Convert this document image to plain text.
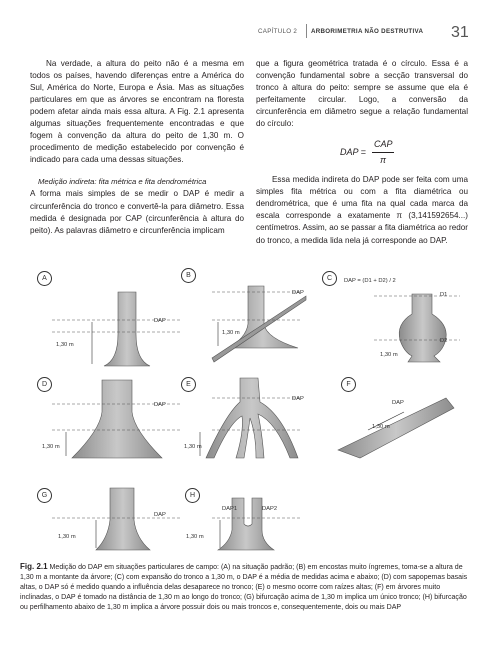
CAPÍTULO 2 ARBORIMETRIA NÃO DESTRUTIVA 31

Na verdade, a altura do peito não é a mesma em todos os países, havendo diferenças entre a América do Sul, América do Norte, Europa e Ásia. Mas as situações particulares em que as árvores se encontram na floresta podem afetar ainda mais essa altura. A Fig. 2.1 apresenta algumas situações frequentemente encontradas e que fogem à convenção da altura do peito de 1,30 m. O procedimento de medição estabelecido por convenção é indicado para cada uma dessas situações.

Medição indireta: fita métrica e fita dendrométrica

A forma mais simples de se medir o DAP é medir a circunferência do tronco e convertê-la para diâmetro. Essa medida é designada por CAP (circunferência à altura do peito). As palavras diâmetro e circunferência implicam

que a figura geométrica tratada é o círculo. Essa é a convenção fundamental sobre a secção transversal do tronco à altura do peito: sempre se assume que ela é perfeitamente circular. Logo, a conversão da circunferência em diâmetro segue a relação fundamental do círculo:

DAP =
CAP
π

Essa medida indireta do DAP pode ser feita com uma simples fita métrica ou com a fita diamétrica ou dendrométrica, que é uma fita na qual cada marca da escala corresponde a exatamente π (3,141592654...) centímetros. Assim, ao se passar a fita diamétrica ao redor do tronco, a medida lida nela já corresponde ao DAP.

DAP
1,30 m
DAP
1,30 m
DAP = (D1 + D2) / 2
D1
D2
1,30 m
DAP
1,30 m
DAP
1,30 m
DAP
1,30 m
DAP
1,30 m
DAP1	DAP2
1,30 m
A	B	C
D	E	F
G	H
Fig. 2.1 Medição do DAP em situações particulares de campo: (A) na situação padrão; (B) em encostas muito íngremes, toma-se a altura de 1,30 m a montante da árvore; (C) com expansão do tronco a 1,30 m, o DAP é a média de medidas acima e abaixo; (D) com sapopemas basais altas, o DAP só é medido quando a influência delas desaparece no tronco; (E) o mesmo ocorre com raízes altas; (F) em árvores muito inclinadas, o DAP é tomado na distância de 1,30 m ao longo do tronco; (G) bifurcação acima de 1,30 m implica um único tronco; (H) bifurcação ou perfilhamento abaixo de 1,30 m implica a árvore possuir dois ou mais troncos e, consequentemente, dois ou mais DAP
